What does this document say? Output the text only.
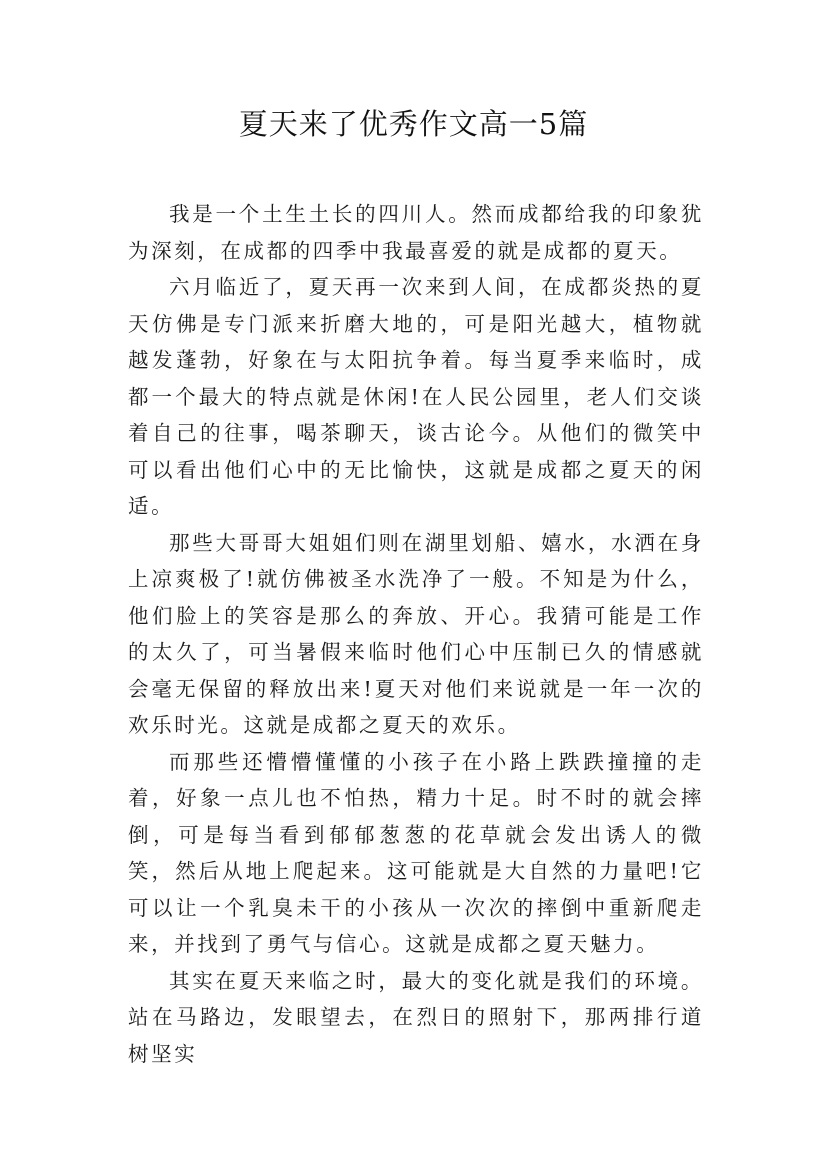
夏天来了优秀作文高一5篇

我是一个土生土长的四川人。然而成都给我的印象犹为深刻，在成都的四季中我最喜爱的就是成都的夏天。

六月临近了，夏天再一次来到人间，在成都炎热的夏天仿佛是专门派来折磨大地的，可是阳光越大，植物就越发蓬勃，好象在与太阳抗争着。每当夏季来临时，成都一个最大的特点就是休闲!在人民公园里，老人们交谈着自己的往事，喝茶聊天，谈古论今。从他们的微笑中可以看出他们心中的无比愉快，这就是成都之夏天的闲适。

那些大哥哥大姐姐们则在湖里划船、嬉水，水洒在身上凉爽极了!就仿佛被圣水洗净了一般。不知是为什么，他们脸上的笑容是那么的奔放、开心。我猜可能是工作的太久了，可当暑假来临时他们心中压制已久的情感就会毫无保留的释放出来!夏天对他们来说就是一年一次的欢乐时光。这就是成都之夏天的欢乐。

而那些还懵懵懂懂的小孩子在小路上跌跌撞撞的走着，好象一点儿也不怕热，精力十足。时不时的就会摔倒，可是每当看到郁郁葱葱的花草就会发出诱人的微笑，然后从地上爬起来。这可能就是大自然的力量吧!它可以让一个乳臭未干的小孩从一次次的摔倒中重新爬走来，并找到了勇气与信心。这就是成都之夏天魅力。

其实在夏天来临之时，最大的变化就是我们的环境。站在马路边，发眼望去，在烈日的照射下，那两排行道树坚实
